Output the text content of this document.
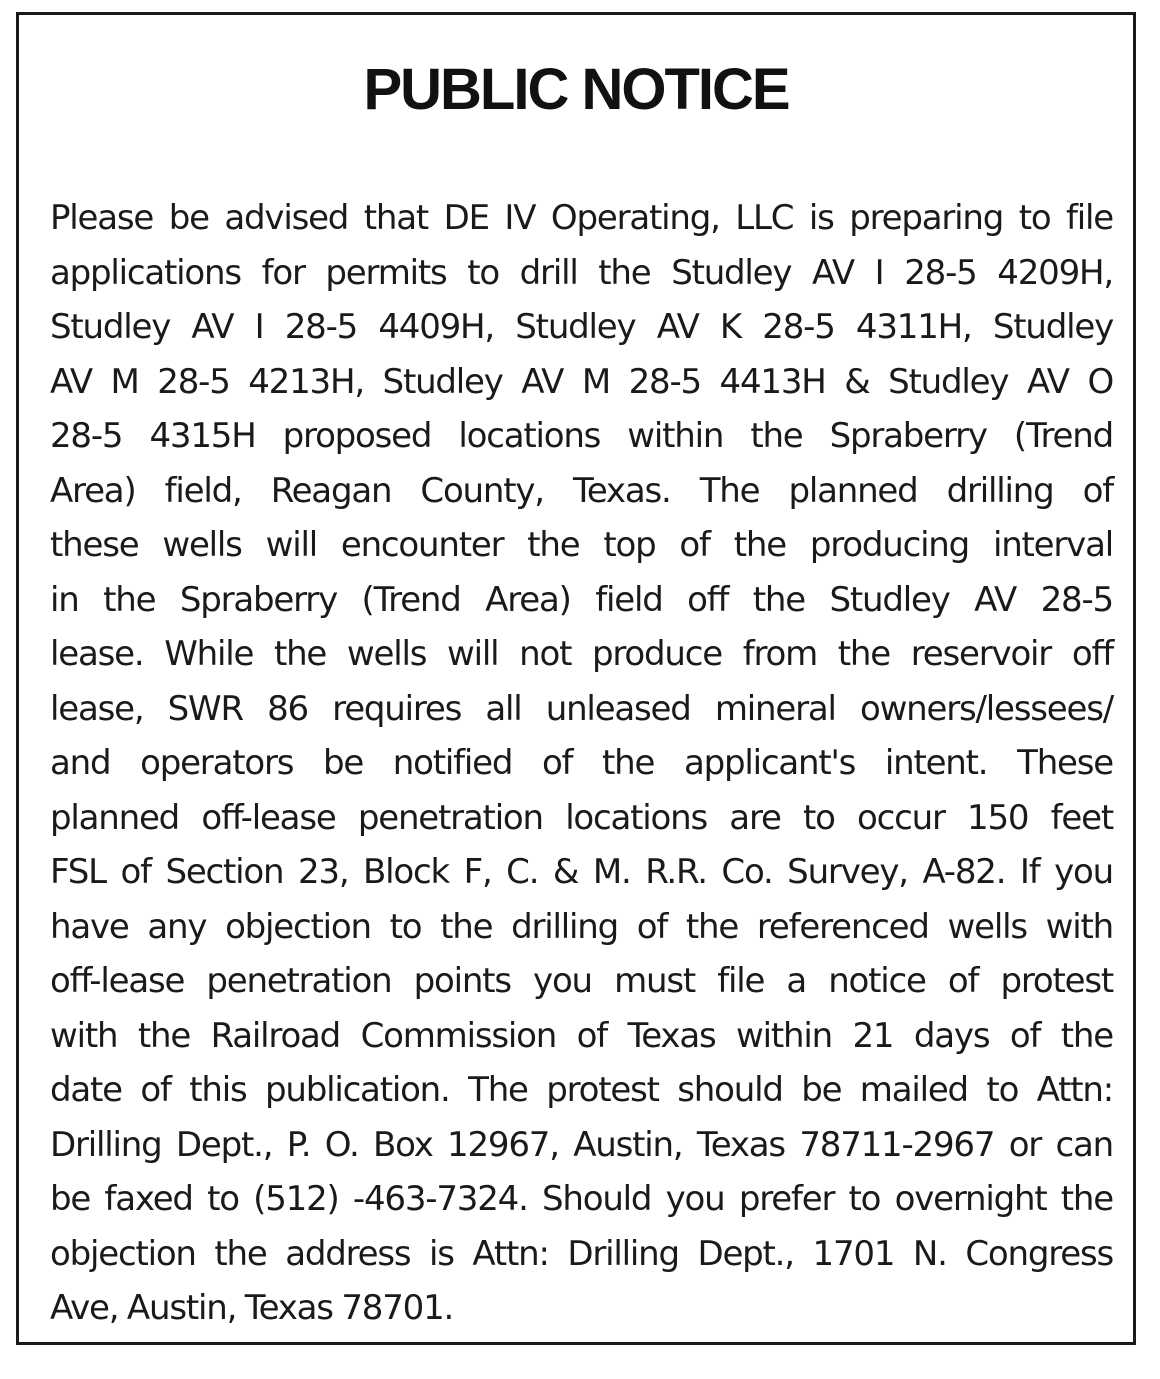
PUBLIC NOTICE
Please be advised that DE IV Operating, LLC is preparing to file
applications for permits to drill the Studley AV I 28-5 4209H,
Studley AV I 28-5 4409H, Studley AV K 28-5 4311H, Studley
AV M 28-5 4213H, Studley AV M 28-5 4413H & Studley AV O
28-5 4315H proposed locations within the Spraberry (Trend
Area) field, Reagan County, Texas. The planned drilling of
these wells will encounter the top of the producing interval
in the Spraberry (Trend Area) field off the Studley AV 28-5
lease. While the wells will not produce from the reservoir off
lease, SWR 86 requires all unleased mineral owners/lessees/
and operators be notified of the applicant's intent. These
planned off-lease penetration locations are to occur 150 feet
FSL of Section 23, Block F, C. & M. R.R. Co. Survey, A-82. If you
have any objection to the drilling of the referenced wells with
off-lease penetration points you must file a notice of protest
with the Railroad Commission of Texas within 21 days of the
date of this publication. The protest should be mailed to Attn:
Drilling Dept., P. O. Box 12967, Austin, Texas 78711-2967 or can
be faxed to (512) -463-7324. Should you prefer to overnight the
objection the address is Attn: Drilling Dept., 1701 N. Congress
Ave, Austin, Texas 78701.
